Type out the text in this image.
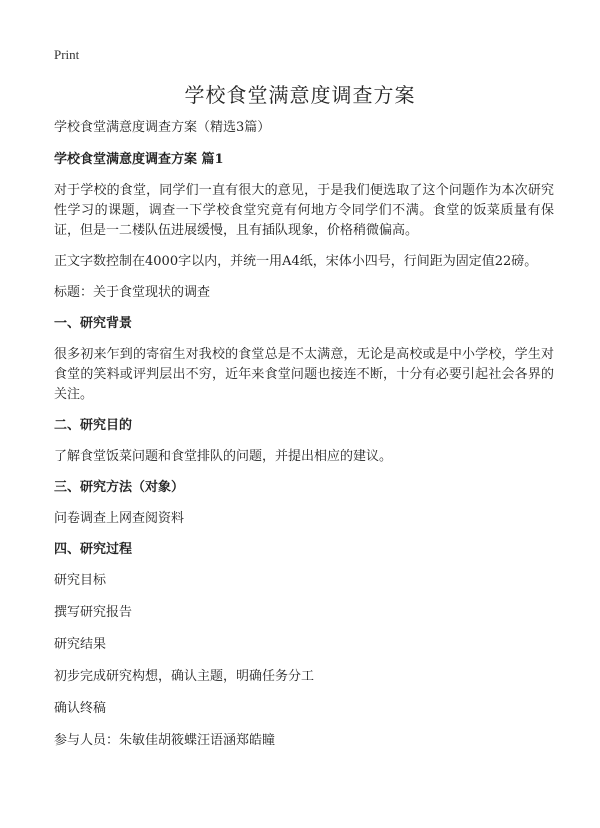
Print
学校食堂满意度调查方案

学校食堂满意度调查方案（精选3篇）

学校食堂满意度调查方案 篇1

对于学校的食堂，同学们一直有很大的意见，于是我们便选取了这个问题作为本次研究性学习的课题，调查一下学校食堂究竟有何地方令同学们不满。食堂的饭菜质量有保证，但是一二楼队伍进展缓慢，且有插队现象，价格稍微偏高。

正文字数控制在4000字以内，并统一用A4纸，宋体小四号，行间距为固定值22磅。

标题：关于食堂现状的调查

一、研究背景

很多初来乍到的寄宿生对我校的食堂总是不太满意，无论是高校或是中小学校，学生对食堂的笑料或评判层出不穷，近年来食堂问题也接连不断，十分有必要引起社会各界的关注。

二、研究目的

了解食堂饭菜问题和食堂排队的问题，并提出相应的建议。

三、研究方法（对象）

问卷调查上网查阅资料

四、研究过程

研究目标

撰写研究报告

研究结果

初步完成研究构想，确认主题，明确任务分工

确认终稿

参与人员：朱敏佳胡筱蝶汪语涵郑皓瞳
